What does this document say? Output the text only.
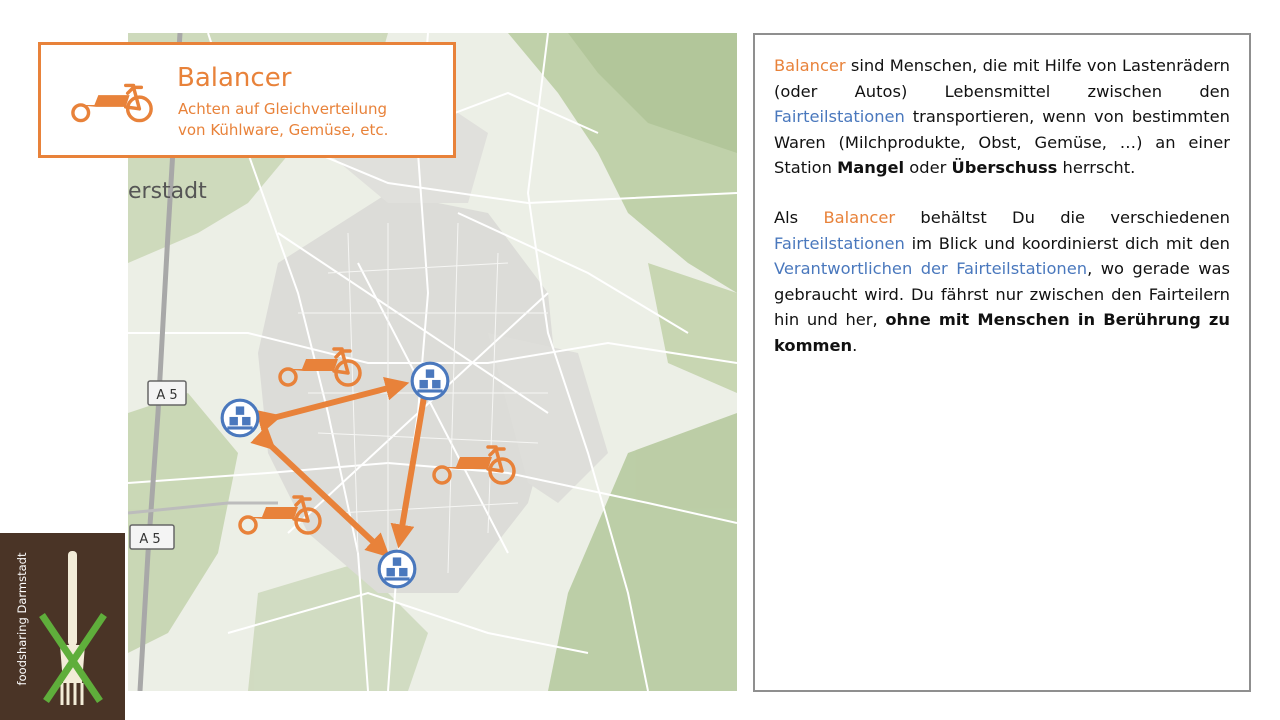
erstadt
A 5
A 5
Balancer
Achten auf Gleichverteilung
von Kühlware, Gemüse, etc.

Balancer sind Menschen, die mit Hilfe von Lastenrädern (oder Autos) Lebensmittel zwischen den Fairteilstationen transportieren, wenn von bestimmten Waren (Milchprodukte, Obst, Gemüse, …) an einer Station Mangel oder Überschuss herrscht.

Als Balancer behältst Du die verschiedenen Fairteilstationen im Blick und koordinierst dich mit den Verantwortlichen der Fairteilstationen, wo gerade was gebraucht wird. Du fährst nur zwischen den Fairteilern hin und her, ohne mit Menschen in Berührung zu kommen.

foodsharing Darmstadt
